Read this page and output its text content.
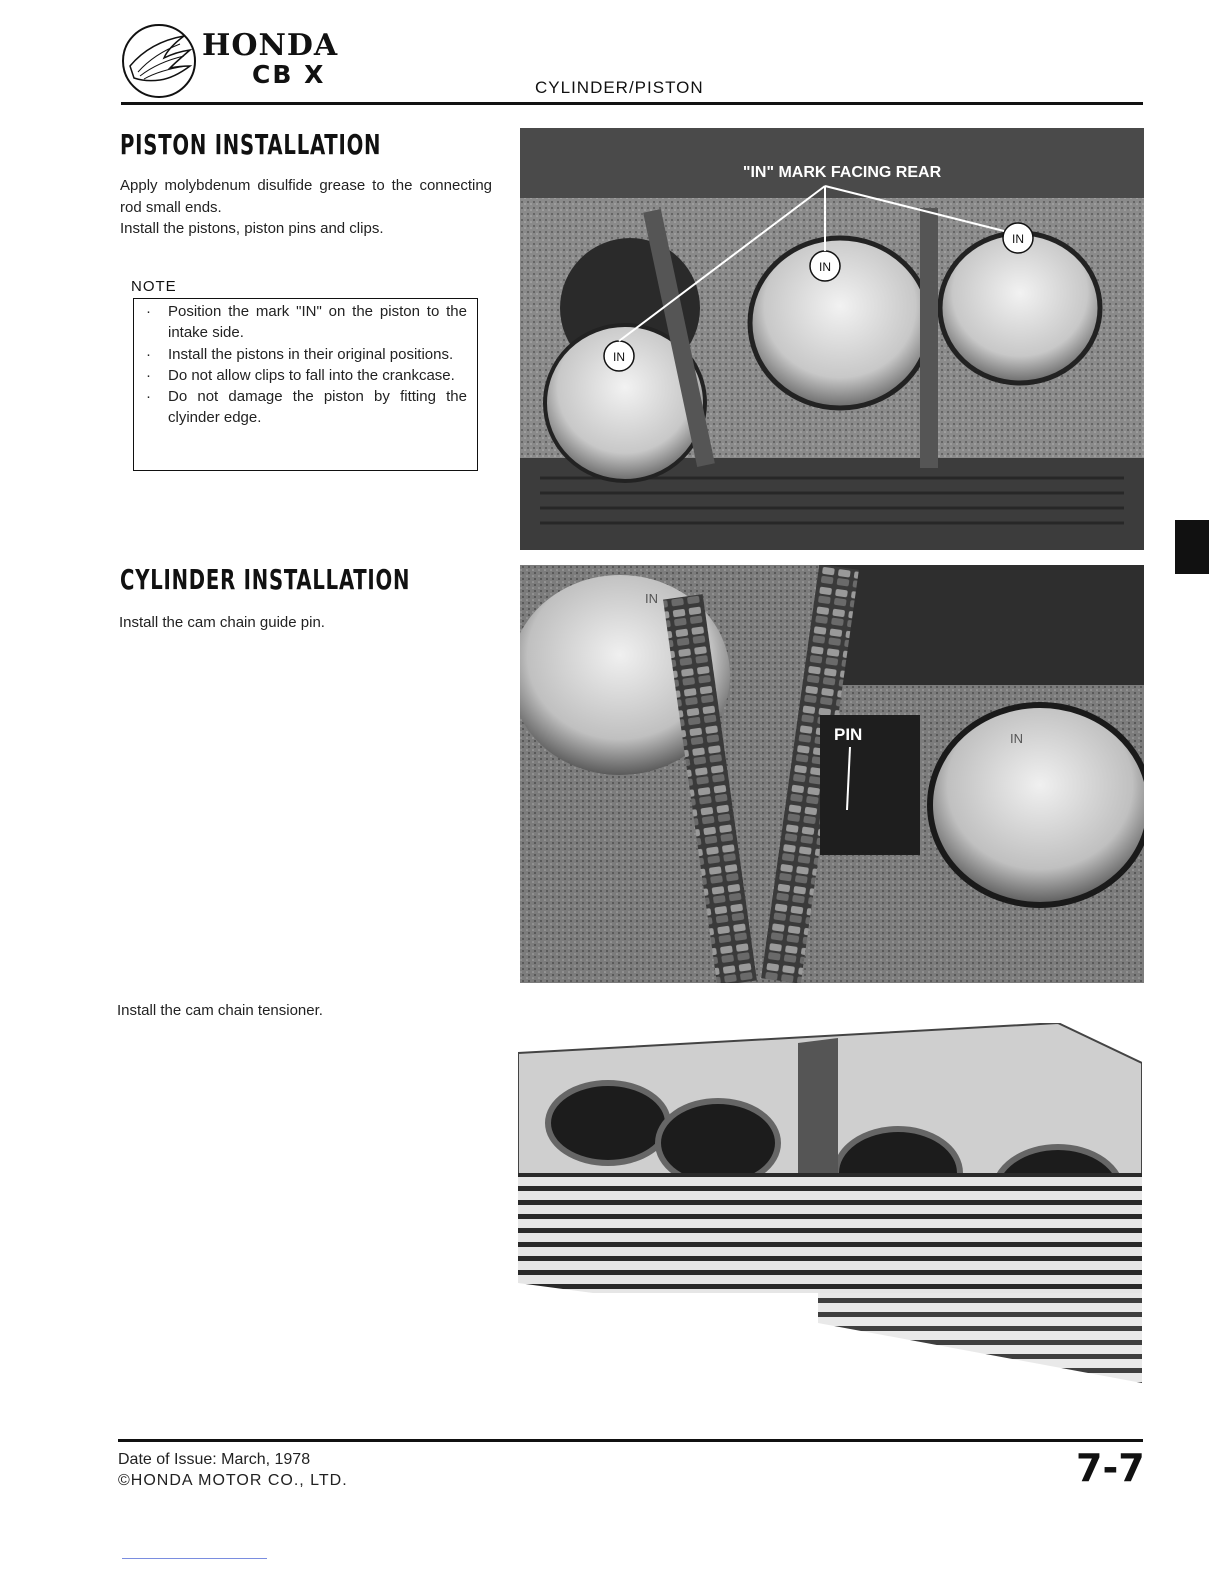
HONDA
CB X	CYLINDER/PISTON
PISTON INSTALLATION
Apply molybdenum disulfide grease to the connecting rod small ends.
Install the pistons, piston pins and clips.
NOTE
· Position the mark "IN" on the piston to the intake side.
· Install the pistons in their original positions.
· Do not allow clips to fall into the crankcase.
· Do not damage the piston by fitting the clyinder edge.
IN
IN
IN
"IN" MARK FACING REAR
CYLINDER INSTALLATION
Install the cam chain guide pin.
IN
IN
PIN
Install the cam chain tensioner.
Date of Issue: March, 1978
©HONDA MOTOR CO., LTD.	7-7
